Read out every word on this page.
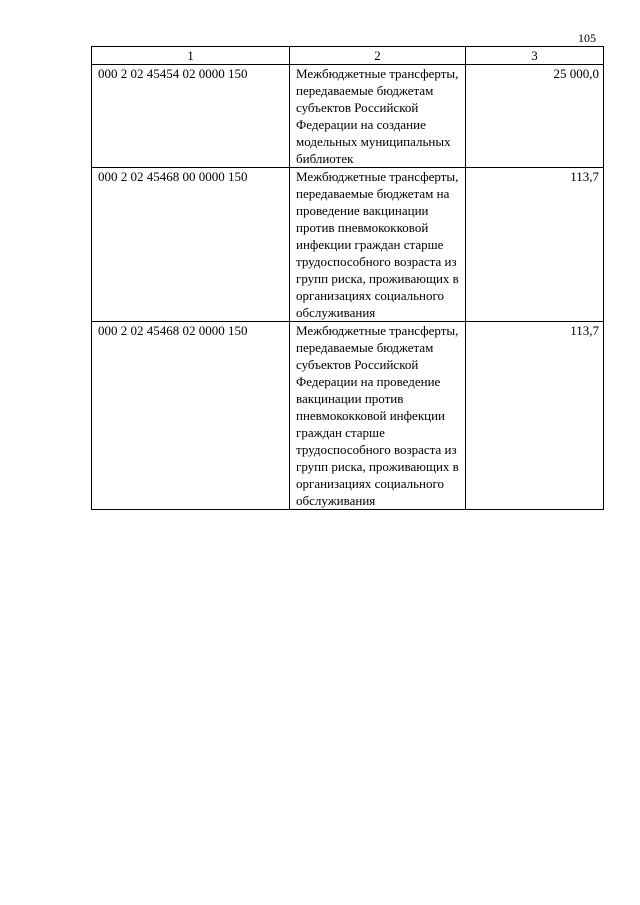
105
1	2	3
000 2 02 45454 02 0000 150	Межбюджетные трансферты, передаваемые бюджетам субъектов Российской Федерации на создание модельных муниципальных библиотек	25 000,0
000 2 02 45468 00 0000 150	Межбюджетные трансферты, передаваемые бюджетам на проведение вакцинации против пневмококковой инфекции граждан старше трудоспособного возраста из групп риска, проживающих в организациях социального обслуживания	113,7
000 2 02 45468 02 0000 150	Межбюджетные трансферты, передаваемые бюджетам субъектов Российской Федерации на проведение вакцинации против пневмококковой инфекции граждан старше трудоспособного возраста из групп риска, проживающих в организациях социального обслуживания	113,7
